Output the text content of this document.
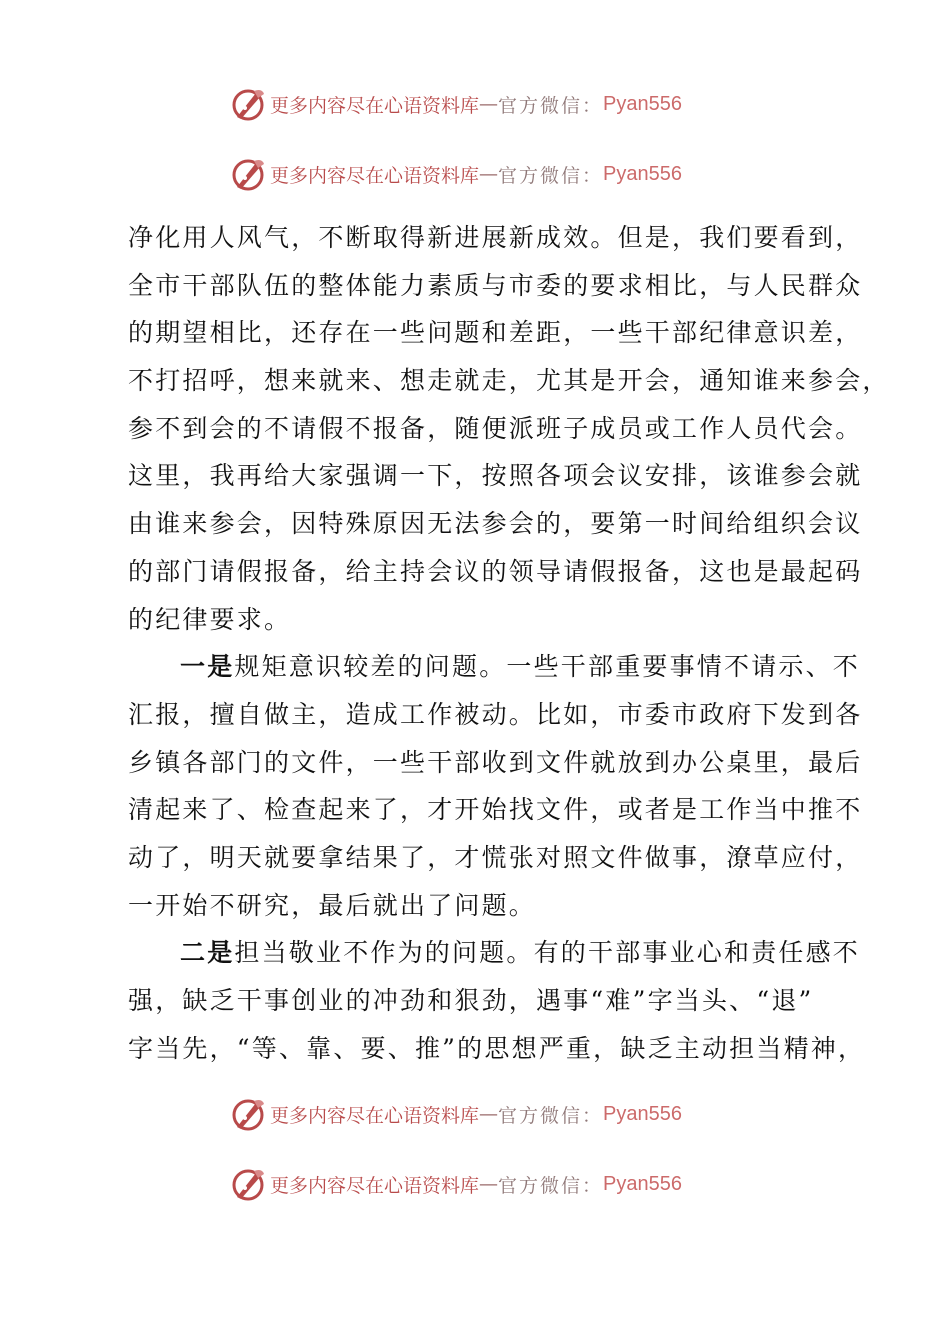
更多内容尽在心语资料库 — 官方微信： Pyan556
更多内容尽在心语资料库 — 官方微信： Pyan556
净化用人风气，不断取得新进展新成效。但是，我们要看到，
全市干部队伍的整体能力素质与市委的要求相比，与人民群众
的期望相比，还存在一些问题和差距，一些干部纪律意识差，
不打招呼，想来就来、想走就走，尤其是开会，通知谁来参会，
参不到会的不请假不报备，随便派班子成员或工作人员代会。
这里，我再给大家强调一下，按照各项会议安排，该谁参会就
由谁来参会，因特殊原因无法参会的，要第一时间给组织会议
的部门请假报备，给主持会议的领导请假报备，这也是最起码
的纪律要求。
一是规矩意识较差的问题。一些干部重要事情不请示、不
汇报，擅自做主，造成工作被动。比如，市委市政府下发到各
乡镇各部门的文件，一些干部收到文件就放到办公桌里，最后
清起来了、检查起来了，才开始找文件，或者是工作当中推不
动了，明天就要拿结果了，才慌张对照文件做事，潦草应付，
一开始不研究，最后就出了问题。
二是担当敬业不作为的问题。有的干部事业心和责任感不
强，缺乏干事创业的冲劲和狠劲，遇事“难”字当头、“退”
字当先，“等、靠、要、推”的思想严重，缺乏主动担当精神，
更多内容尽在心语资料库 — 官方微信： Pyan556
更多内容尽在心语资料库 — 官方微信： Pyan556
